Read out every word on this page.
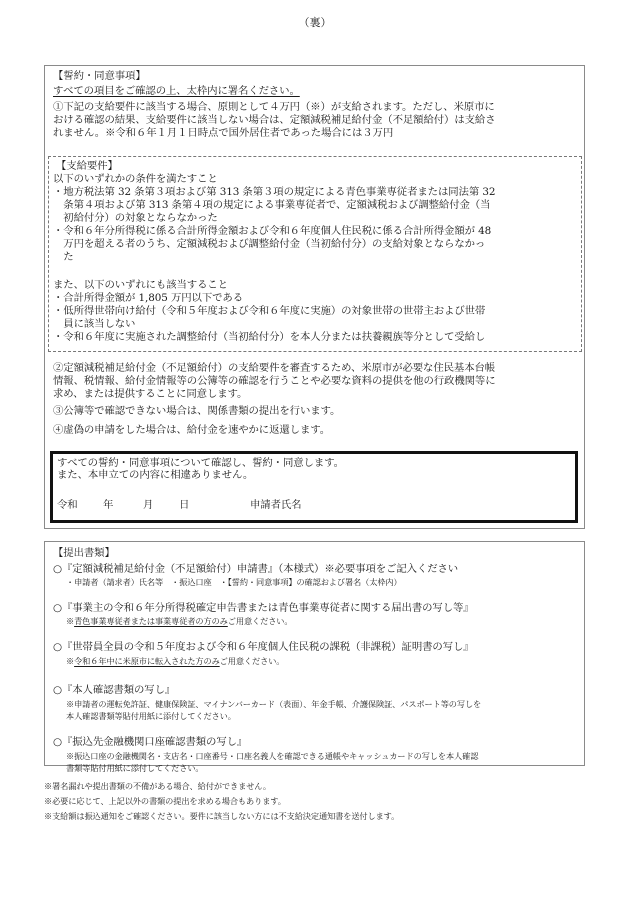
（裏）
【誓約・同意事項】
すべての項目をご確認の上、太枠内に署名ください。
①下記の支給要件に該当する場合、原則として４万円（※）が支給されます。ただし、米原市に
おける確認の結果、支給要件に該当しない場合は、定額減税補足給付金（不足額給付）は支給さ
れません。※令和６年１月１日時点で国外居住者であった場合には３万円
【支給要件】
以下のいずれかの条件を満たすこと
・地方税法第 32 条第３項および第 313 条第３項の規定による青色事業専従者または同法第 32
　条第４項および第 313 条第４項の規定による事業専従者で、定額減税および調整給付金（当
　初給付分）の対象とならなかった
・令和６年分所得税に係る合計所得金額および令和６年度個人住民税に係る合計所得金額が 48
　万円を超える者のうち、定額減税および調整給付金（当初給付分）の支給対象とならなかっ
　た
また、以下のいずれにも該当すること
・合計所得金額が 1,805 万円以下である
・低所得世帯向け給付（令和５年度および令和６年度に実施）の対象世帯の世帯主および世帯
　員に該当しない
・令和６年度に実施された調整給付（当初給付分）を本人分または扶養親族等分として受給し
②定額減税補足給付金（不足額給付）の支給要件を審査するため、米原市が必要な住民基本台帳
情報、税情報、給付金情報等の公簿等の確認を行うことや必要な資料の提供を他の行政機関等に
求め、または提供することに同意します。
③公簿等で確認できない場合は、関係書類の提出を行います。
④虚偽の申請をした場合は、給付金を速やかに返還します。
すべての誓約・同意事項について確認し、誓約・同意します。
また、本申立ての内容に相違ありません。
令和 年	月 日	申請者氏名
【提出書類】
○『定額減税補足給付金（不足額給付）申請書』（本様式）※必要事項をご記入ください
・申請者（請求者）氏名等　・振込口座　・【誓約・同意事項】の確認および署名（太枠内）
○『事業主の令和６年分所得税確定申告書または青色事業専従者に関する届出書の写し等』
※青色事業専従者または事業専従者の方のみご用意ください。
○『世帯員全員の令和５年度および令和６年度個人住民税の課税（非課税）証明書の写し』
※令和６年中に米原市に転入された方のみご用意ください。
○『本人確認書類の写し』
※申請者の運転免許証、健康保険証、マイナンバーカード（表面）、年金手帳、介護保険証、パスポート等の写しを
本人確認書類等貼付用紙に添付してください。
○『振込先金融機関口座確認書類の写し』
※振込口座の金融機関名・支店名・口座番号・口座名義人を確認できる通帳やキャッシュカードの写しを本人確認
書類等貼付用紙に添付してください。
※署名漏れや提出書類の不備がある場合、給付ができません。
※必要に応じて、上記以外の書類の提出を求める場合もあります。
※支給額は振込通知をご確認ください。要件に該当しない方には不支給決定通知書を送付します。
